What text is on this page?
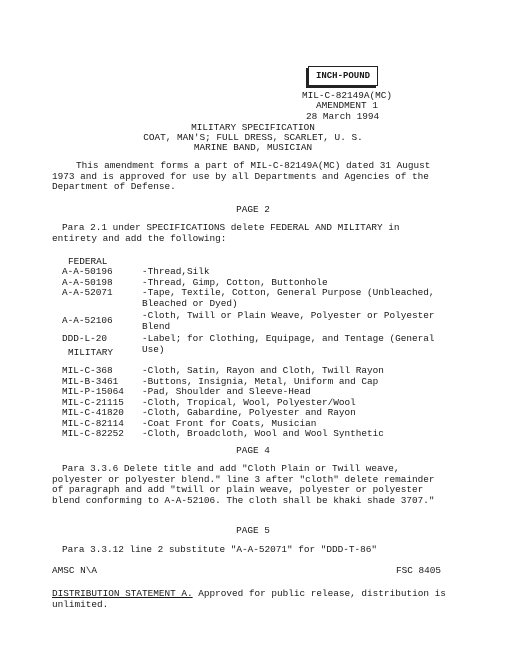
INCH-POUND
MIL-C-82149A(MC)
AMENDMENT 1
28 March 1994
MILITARY SPECIFICATION
COAT, MAN'S; FULL DRESS, SCARLET, U. S.
MARINE BAND, MUSICIAN
This amendment forms a part of MIL-C-82149A(MC) dated 31 August 1973 and is approved for use by all Departments and Agencies of the Department of Defense.
PAGE 2
Para 2.1 under SPECIFICATIONS delete FEDERAL AND MILITARY in entirety and add the following:
FEDERAL
A-A-50196	-Thread,Silk
A-A-50198	-Thread, Gimp, Cotton, Buttonhole
A-A-52071	-Tape, Textile, Cotton, General Purpose (Unbleached, Bleached or Dyed)
A-A-52106	-Cloth, Twill or Plain Weave, Polyester or Polyester Blend
DDD-L-20	-Label; for Clothing, Equipage, and Tentage (General Use)
MILITARY
MIL-C-368	-Cloth, Satin, Rayon and Cloth, Twill Rayon
MIL-B-3461	-Buttons, Insignia, Metal, Uniform and Cap
MIL-P-15064	-Pad, Shoulder and Sleeve-Head
MIL-C-21115	-Cloth, Tropical, Wool, Polyester/Wool
MIL-C-41820	-Cloth, Gabardine, Polyester and Rayon
MIL-C-82114	-Coat Front for Coats, Musician
MIL-C-82252	-Cloth, Broadcloth, Wool and Wool Synthetic
PAGE 4
Para 3.3.6 Delete title and add "Cloth Plain or Twill weave, polyester or polyester blend." line 3 after "cloth" delete remainder of paragraph and add "twill or plain weave, polyester or polyester blend conforming to A-A-52106. The cloth shall be khaki shade 3707."
PAGE 5
Para 3.3.12 line 2 substitute "A-A-52071" for "DDD-T-86"
AMSC N\A	FSC 8405
DISTRIBUTION STATEMENT A. Approved for public release, distribution is unlimited.
